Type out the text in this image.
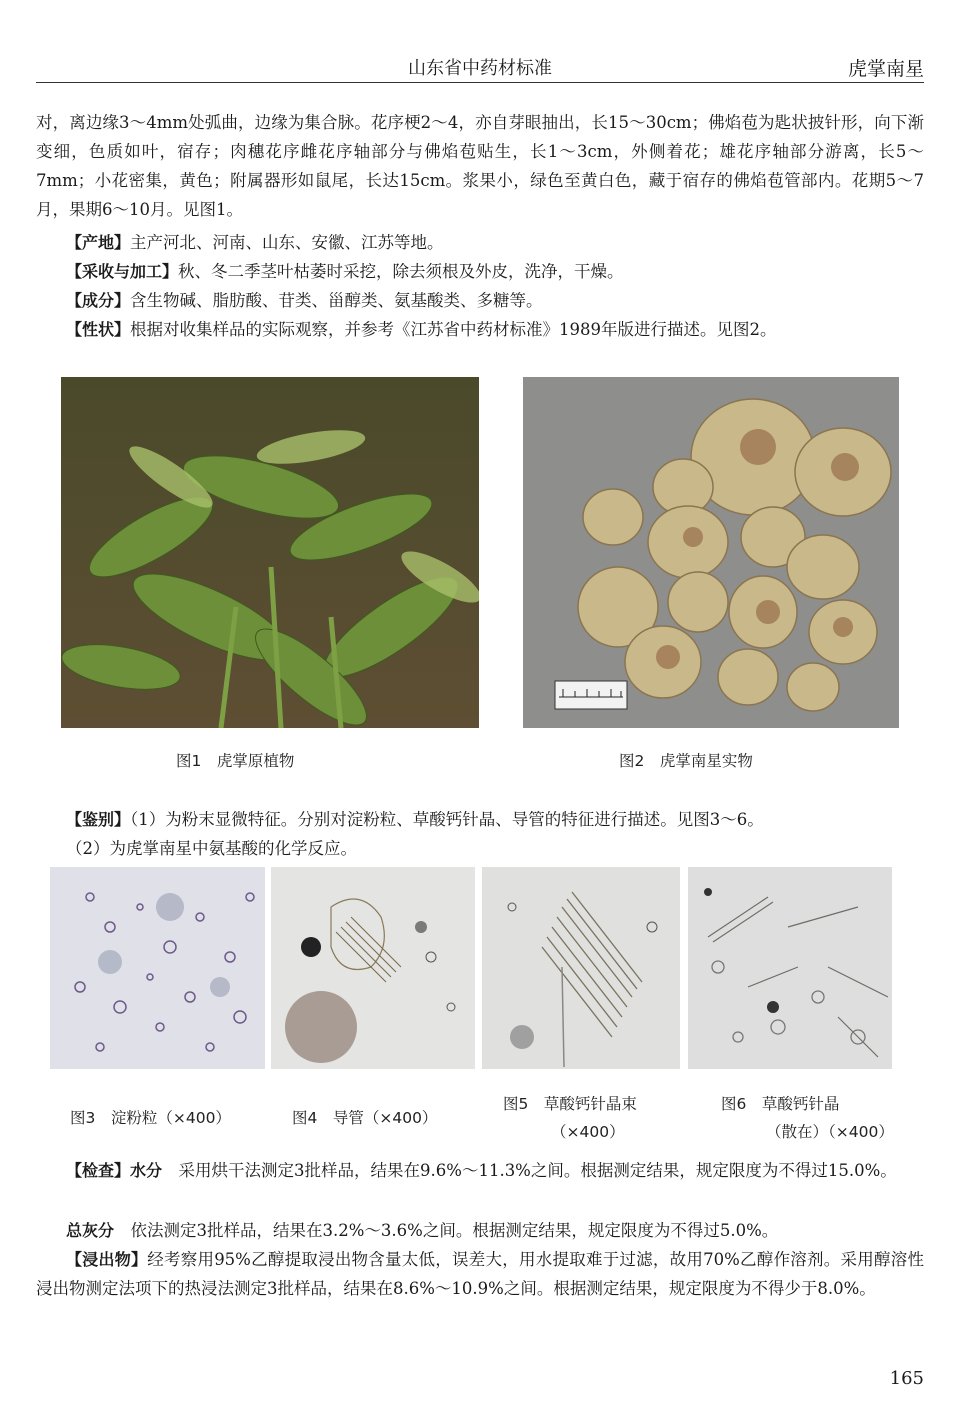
山东省中药材标准	虎掌南星
对，离边缘3～4mm处弧曲，边缘为集合脉。花序梗2～4，亦自芽眼抽出，长15～30cm；佛焰苞为匙状披针形，向下渐变细，色质如叶，宿存；肉穗花序雌花序轴部分与佛焰苞贴生，长1～3cm，外侧着花；雄花序轴部分游离，长5～7mm；小花密集，黄色；附属器形如鼠尾，长达15cm。浆果小，绿色至黄白色，藏于宿存的佛焰苞管部内。花期5～7月，果期6～10月。见图1。
【产地】主产河北、河南、山东、安徽、江苏等地。
【采收与加工】秋、冬二季茎叶枯萎时采挖，除去须根及外皮，洗净，干燥。
【成分】含生物碱、脂肪酸、苷类、甾醇类、氨基酸类、多糖等。
【性状】根据对收集样品的实际观察，并参考《江苏省中药材标准》1989年版进行描述。见图2。
图1　虎掌原植物	图2　虎掌南星实物
【鉴别】（1）为粉末显微特征。分别对淀粉粒、草酸钙针晶、导管的特征进行描述。见图3～6。
（2）为虎掌南星中氨基酸的化学反应。
图3　淀粉粒（×400）	图4　导管（×400）
图5　草酸钙针晶束
（×400）
图6　草酸钙针晶
（散在）（×400）
【检查】水分　 采用烘干法测定3批样品，结果在9.6%～11.3%之间。根据测定结果，规定限度为不得过15.0%。
总灰分　 依法测定3批样品，结果在3.2%～3.6%之间。根据测定结果，规定限度为不得过5.0%。
【浸出物】经考察用95%乙醇提取浸出物含量太低，误差大，用水提取难于过滤，故用70%乙醇作溶剂。采用醇溶性浸出物测定法项下的热浸法测定3批样品，结果在8.6%～10.9%之间。根据测定结果，规定限度为不得少于8.0%。
165
